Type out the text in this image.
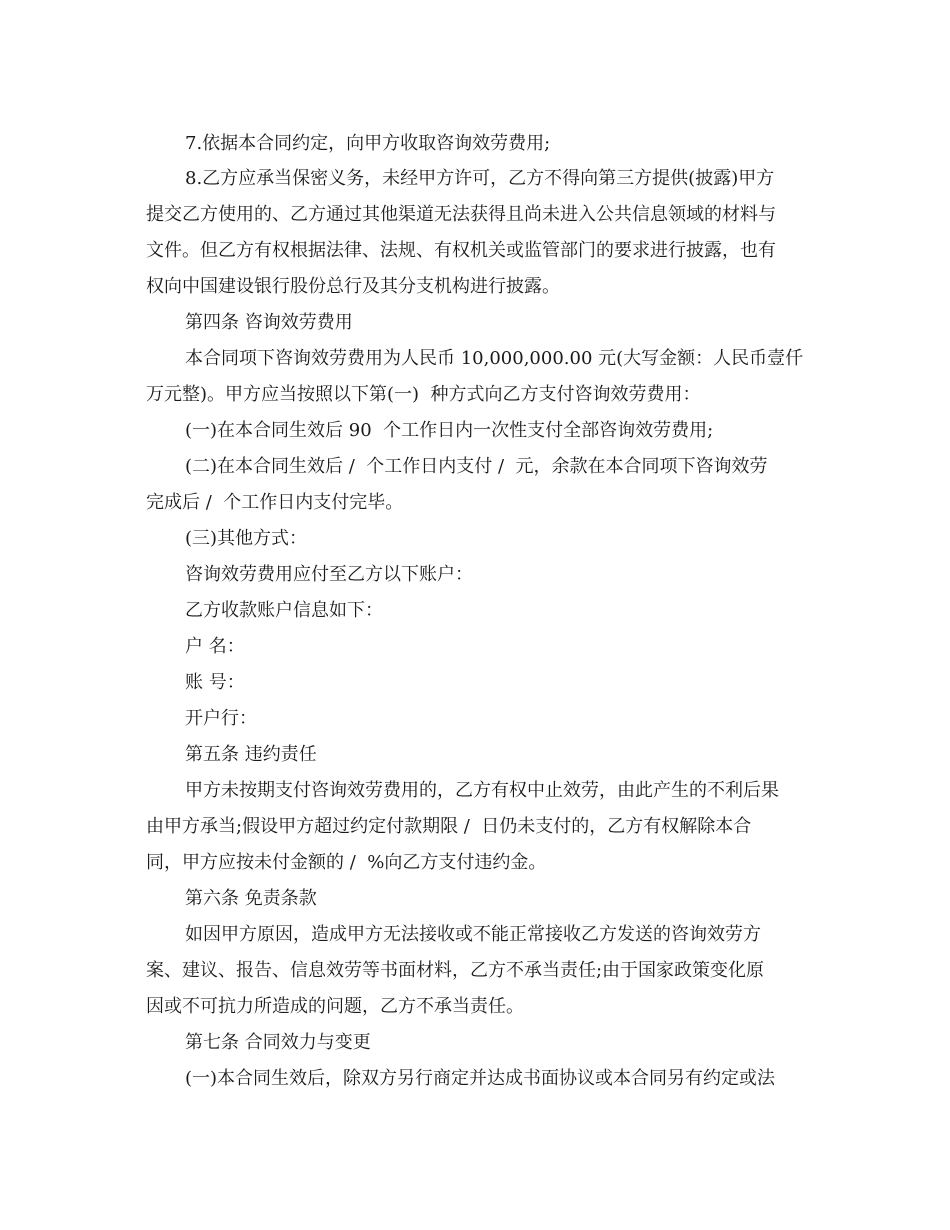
7.依据本合同约定，向甲方收取咨询效劳费用;
8.乙方应承当保密义务，未经甲方许可，乙方不得向第三方提供(披露)甲方
提交乙方使用的、乙方通过其他渠道无法获得且尚未进入公共信息领域的材料与
文件。但乙方有权根据法律、法规、有权机关或监管部门的要求进行披露，也有
权向中国建设银行股份总行及其分支机构进行披露。
第四条 咨询效劳费用
本合同项下咨询效劳费用为人民币 10,000,000.00 元(大写金额：人民币壹仟
万元整)。甲方应当按照以下第(一)  种方式向乙方支付咨询效劳费用：
(一)在本合同生效后 90  个工作日内一次性支付全部咨询效劳费用;
(二)在本合同生效后 /  个工作日内支付 /  元，余款在本合同项下咨询效劳
完成后 /  个工作日内支付完毕。
(三)其他方式：
咨询效劳费用应付至乙方以下账户：
乙方收款账户信息如下：
户 名：
账 号：
开户行：
第五条 违约责任
甲方未按期支付咨询效劳费用的，乙方有权中止效劳，由此产生的不利后果
由甲方承当;假设甲方超过约定付款期限 /  日仍未支付的，乙方有权解除本合
同，甲方应按未付金额的 /  %向乙方支付违约金。
第六条 免责条款
如因甲方原因，造成甲方无法接收或不能正常接收乙方发送的咨询效劳方
案、建议、报告、信息效劳等书面材料，乙方不承当责任;由于国家政策变化原
因或不可抗力所造成的问题，乙方不承当责任。
第七条 合同效力与变更
(一)本合同生效后，除双方另行商定并达成书面协议或本合同另有约定或法
